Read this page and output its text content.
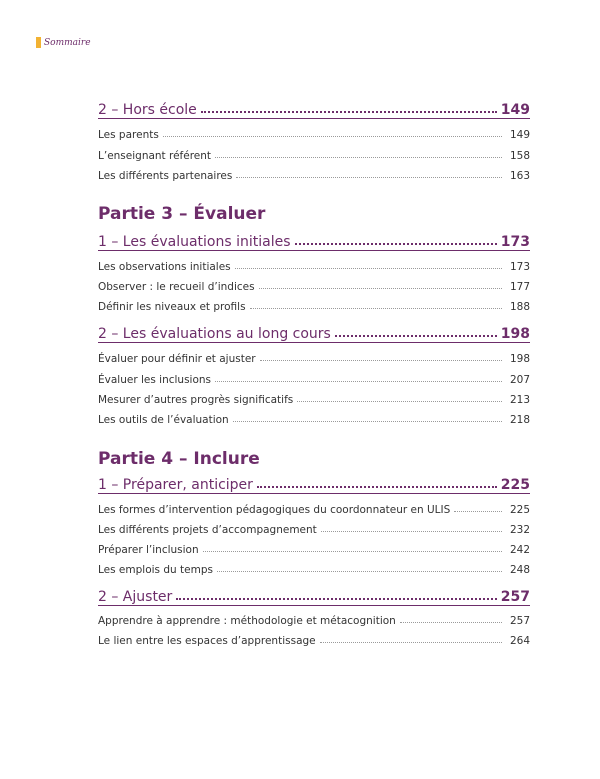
Sommaire
2 – Hors école	149
Les parents	149
L’enseignant référent	158
Les différents partenaires	163
Partie 3 – Évaluer
1 – Les évaluations initiales	173
Les observations initiales	173
Observer : le recueil d’indices	177
Définir les niveaux et profils	188
2 – Les évaluations au long cours	198
Évaluer pour définir et ajuster	198
Évaluer les inclusions	207
Mesurer d’autres progrès significatifs	213
Les outils de l’évaluation	218
Partie 4 – Inclure
1 – Préparer, anticiper	225
Les formes d’intervention pédagogiques du coordonnateur en ULIS	225
Les différents projets d’accompagnement	232
Préparer l’inclusion	242
Les emplois du temps	248
2 – Ajuster	257
Apprendre à apprendre : méthodologie et métacognition	257
Le lien entre les espaces d’apprentissage	264
